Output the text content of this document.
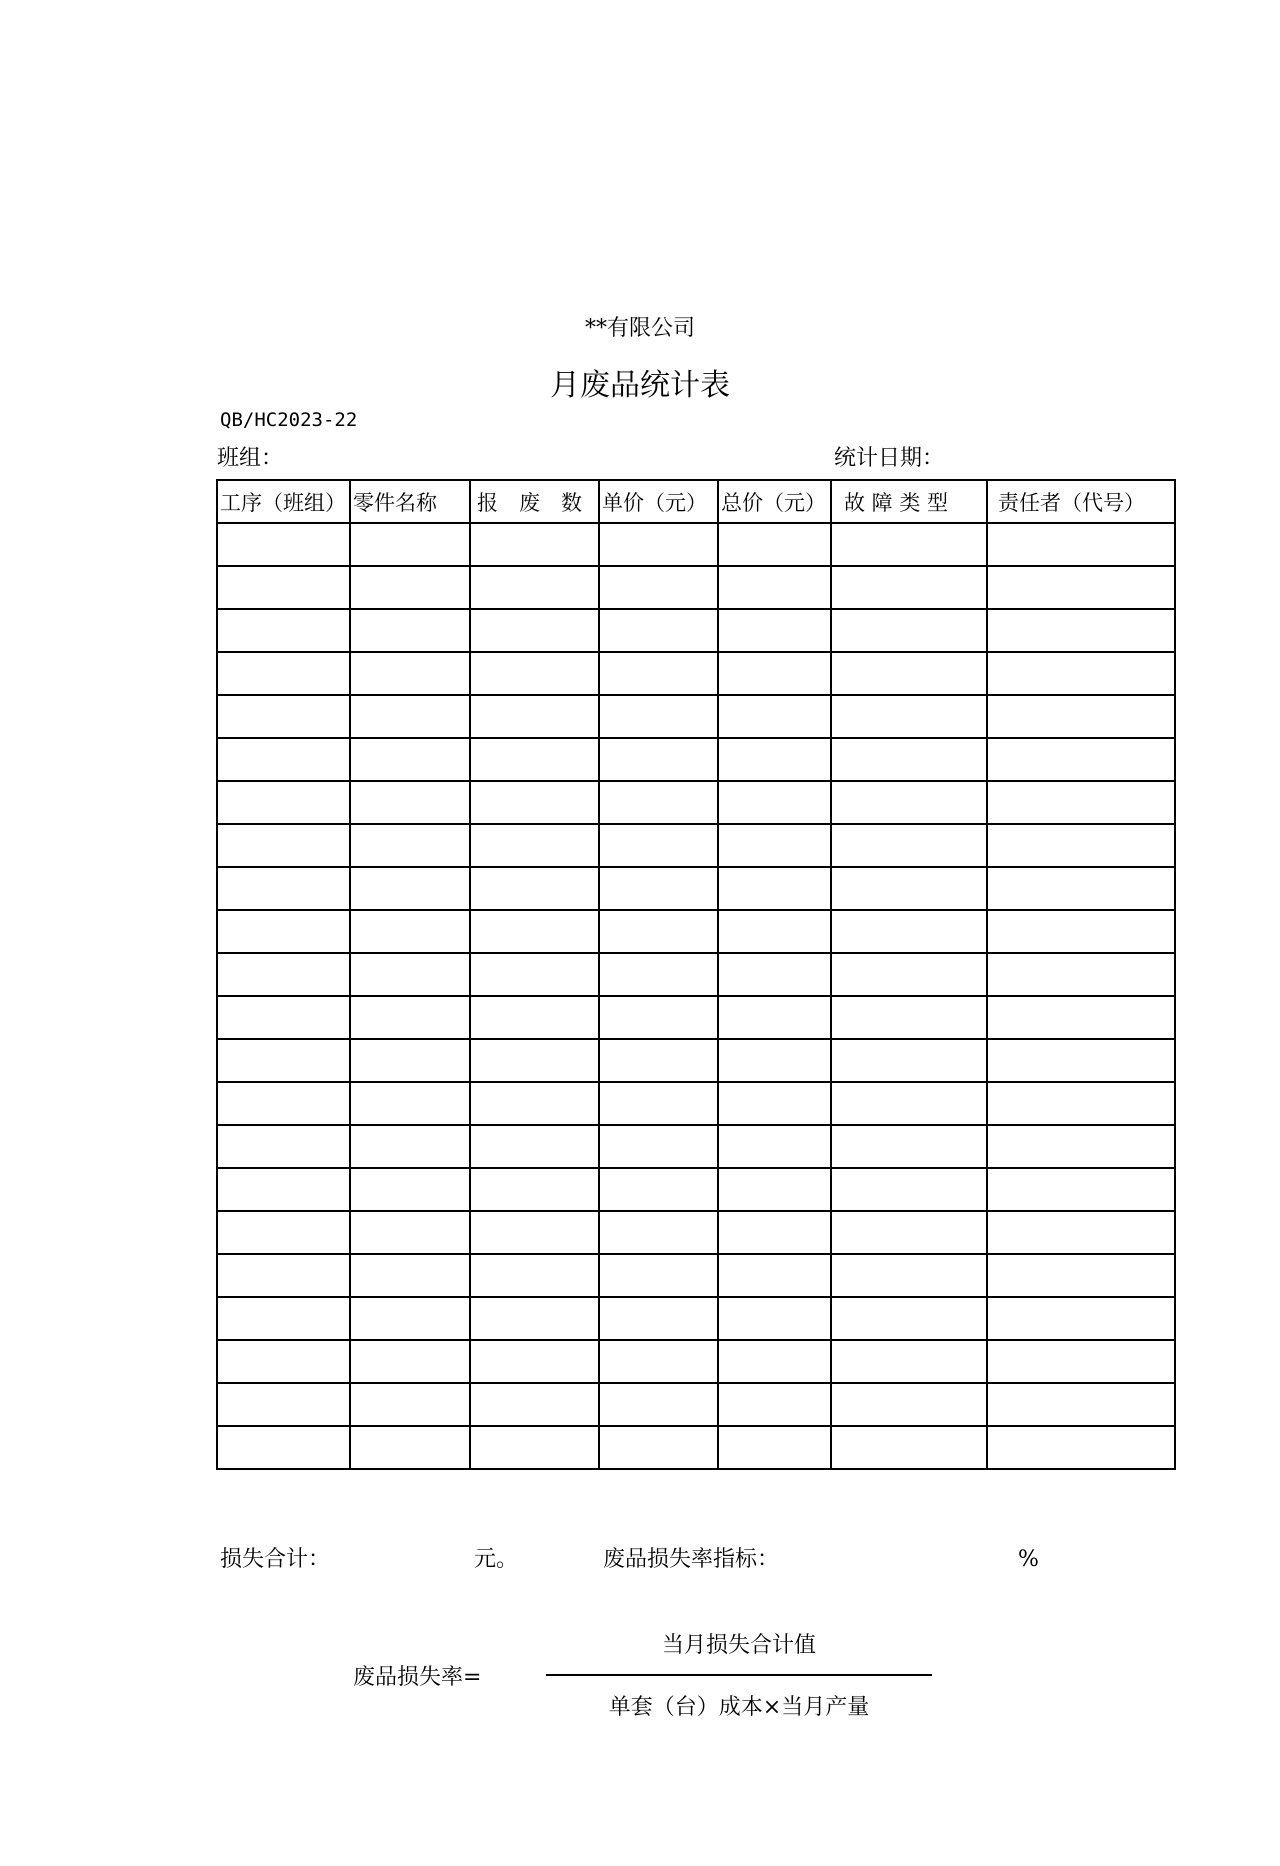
**有限公司
月废品统计表
QB/HC2023-22
班组：	统计日期：
工序（班组）	零件名称	报　废　数	单价（元）	总价（元）	故 障 类 型	责任者（代号）

损失合计：	元。	废品损失率指标：	%
废品损失率=
当月损失合计值
单套（台）成本×当月产量
